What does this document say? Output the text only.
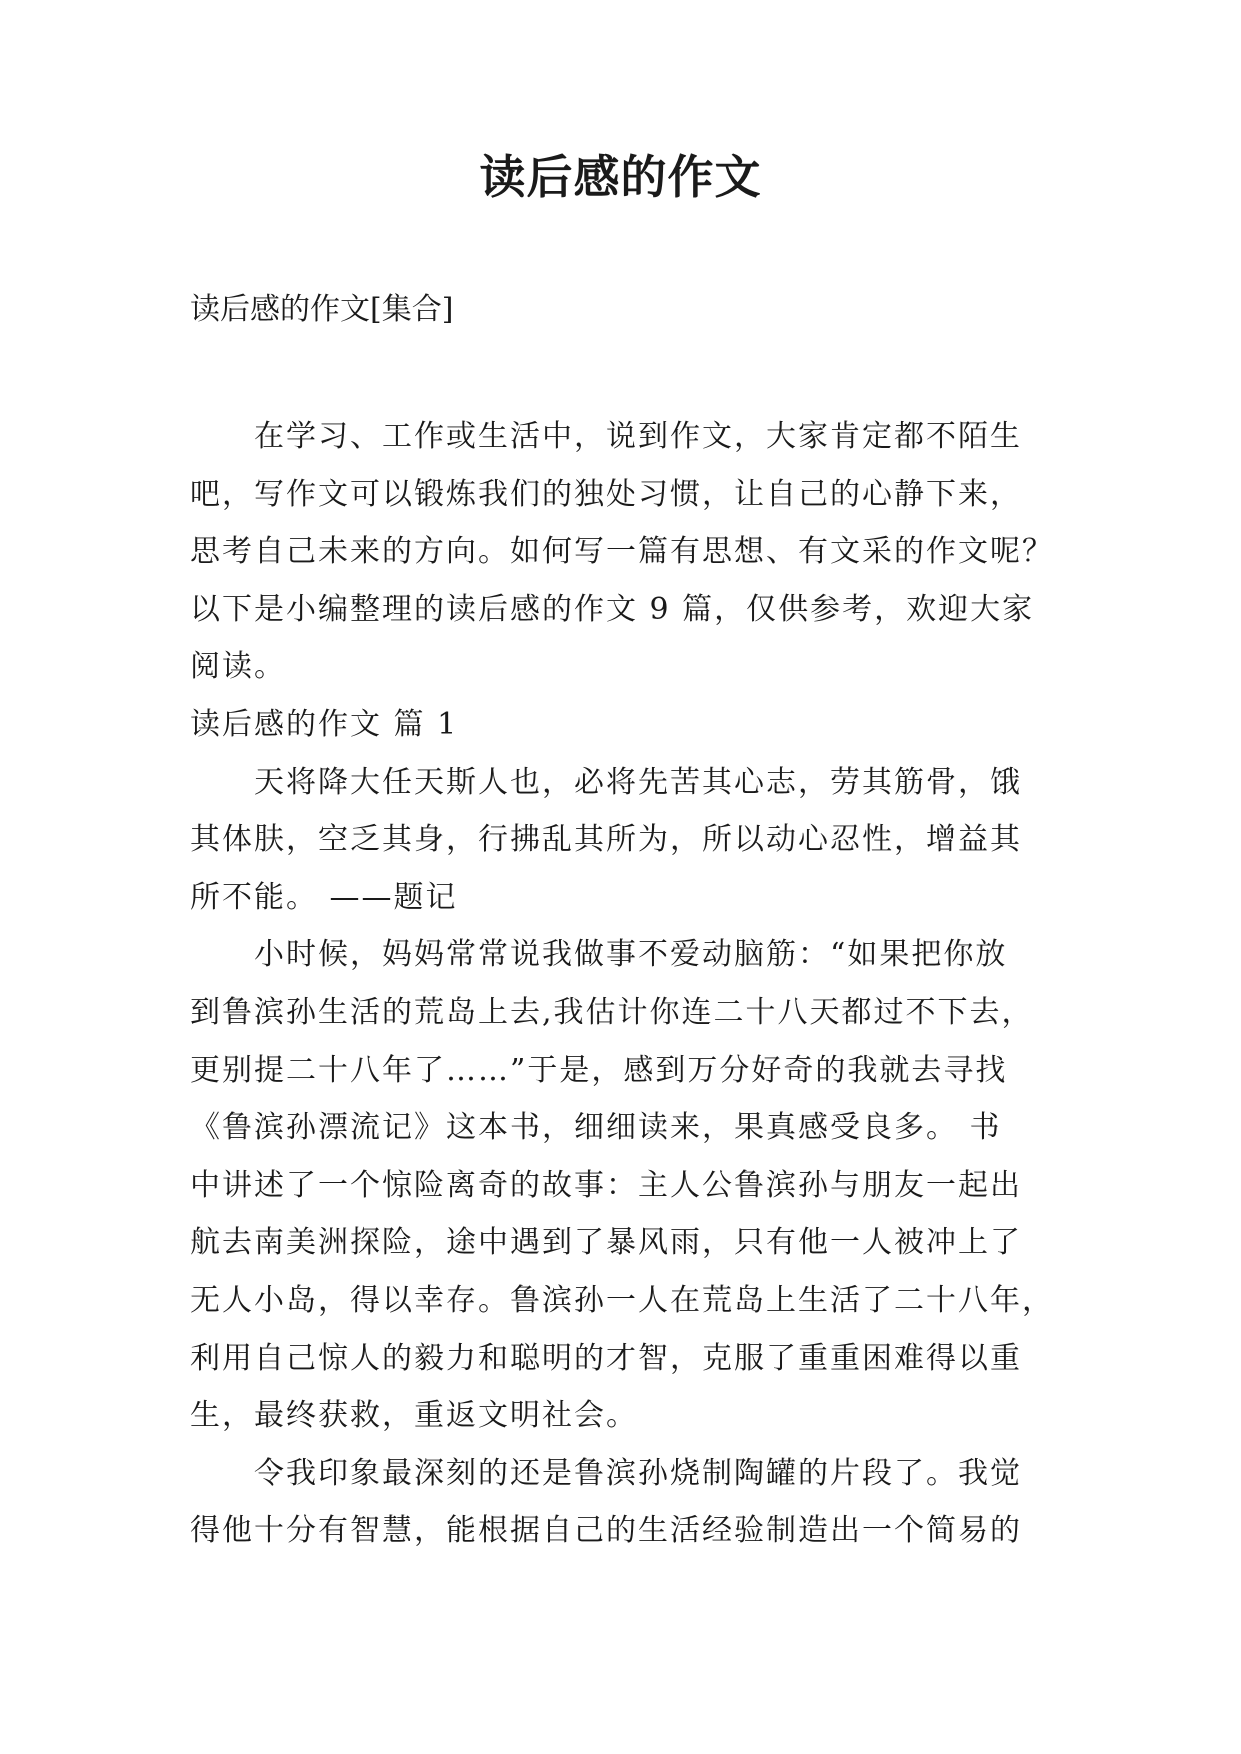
读后感的作文
读后感的作文[集合]

在学习、工作或生活中，说到作文，大家肯定都不陌生
吧，写作文可以锻炼我们的独处习惯，让自己的心静下来，
思考自己未来的方向。如何写一篇有思想、有文采的作文呢？
以下是小编整理的读后感的作文 9 篇，仅供参考，欢迎大家
阅读。

读后感的作文 篇 1

天将降大任天斯人也，必将先苦其心志，劳其筋骨，饿
其体肤，空乏其身，行拂乱其所为，所以动心忍性，增益其
所不能。 ——题记

小时候，妈妈常常说我做事不爱动脑筋：“如果把你放
到鲁滨孙生活的荒岛上去,我估计你连二十八天都过不下去，
更别提二十八年了……”于是，感到万分好奇的我就去寻找
《鲁滨孙漂流记》这本书，细细读来，果真感受良多。 书
中讲述了一个惊险离奇的故事：主人公鲁滨孙与朋友一起出
航去南美洲探险，途中遇到了暴风雨，只有他一人被冲上了
无人小岛，得以幸存。鲁滨孙一人在荒岛上生活了二十八年，
利用自己惊人的毅力和聪明的才智，克服了重重困难得以重
生，最终获救，重返文明社会。

令我印象最深刻的还是鲁滨孙烧制陶罐的片段了。我觉
得他十分有智慧，能根据自己的生活经验制造出一个简易的
